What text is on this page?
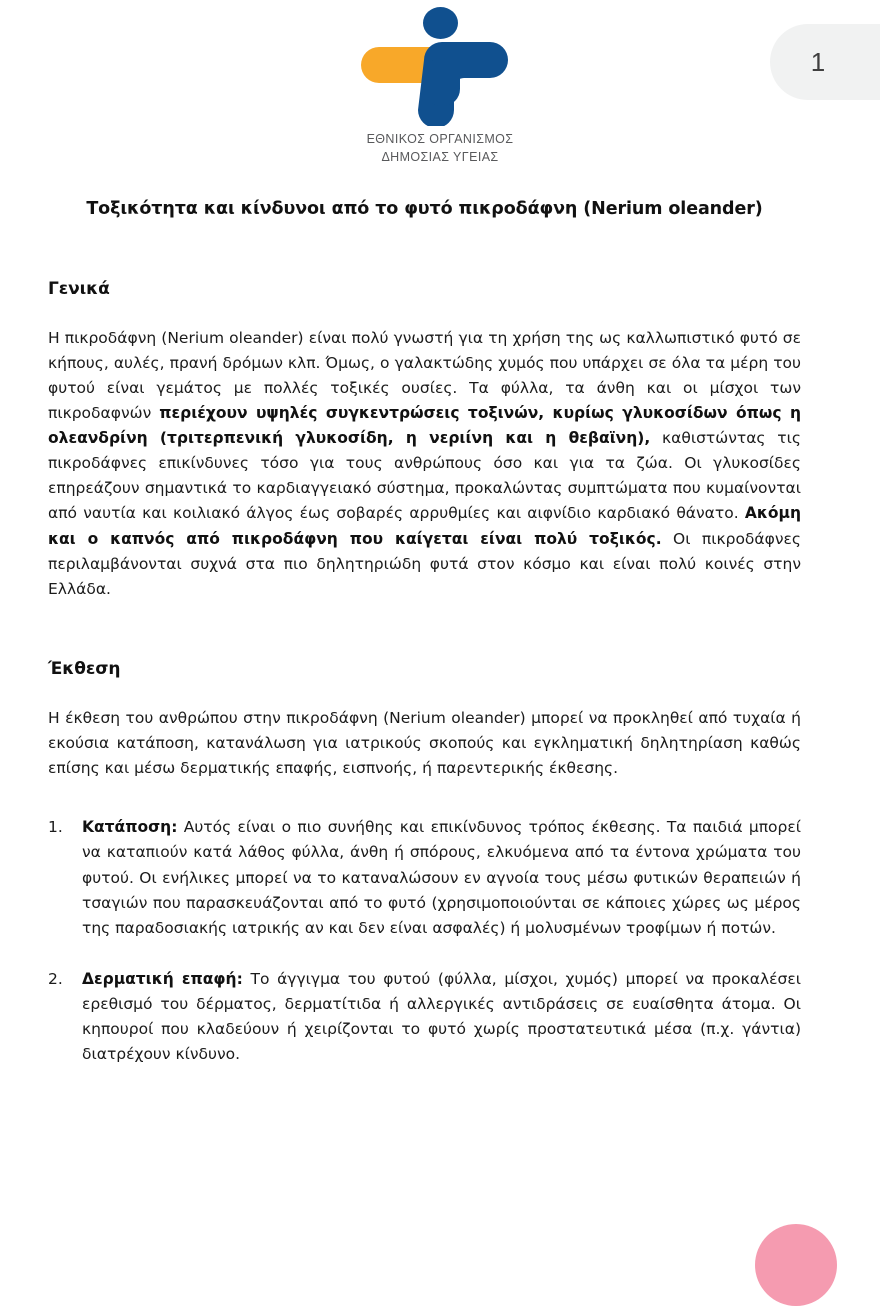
ΕΘΝΙΚΟΣ ΟΡΓΑΝΙΣΜΟΣ
ΔΗΜΟΣΙΑΣ ΥΓΕΙΑΣ
1
Τοξικότητα και κίνδυνοι από το φυτό πικροδάφνη (Nerium oleander)
Γενικά

Η πικροδάφνη (Nerium oleander) είναι πολύ γνωστή για τη χρήση της ως καλλωπιστικό φυτό σε κήπους, αυλές, πρανή δρόμων κλπ. Όμως, ο γαλακτώδης χυμός που υπάρχει σε όλα τα μέρη του φυτού είναι γεμάτος με πολλές τοξικές ουσίες. Τα φύλλα, τα άνθη και οι μίσχοι των πικροδαφνών περιέχουν υψηλές συγκεντρώσεις τοξινών, κυρίως γλυκοσίδων όπως η ολεανδρίνη (τριτερπενική γλυκοσίδη, η νεριίνη και η θεβαϊνη), καθιστώντας τις πικροδάφνες επικίνδυνες τόσο για τους ανθρώπους όσο και για τα ζώα. Οι γλυκοσίδες επηρεάζουν σημαντικά το καρδιαγγειακό σύστημα, προκαλώντας συμπτώματα που κυμαίνονται από ναυτία και κοιλιακό άλγος έως σοβαρές αρρυθμίες και αιφνίδιο καρδιακό θάνατο. Ακόμη και ο καπνός από πικροδάφνη που καίγεται είναι πολύ τοξικός. Οι πικροδάφνες περιλαμβάνονται συχνά στα πιο δηλητηριώδη φυτά στον κόσμο και είναι πολύ κοινές στην Ελλάδα.

Έκθεση

Η έκθεση του ανθρώπου στην πικροδάφνη (Nerium oleander) μπορεί να προκληθεί από τυχαία ή εκούσια κατάποση, κατανάλωση για ιατρικούς σκοπούς και εγκληματική δηλητηρίαση καθώς επίσης και μέσω δερματικής επαφής, εισπνοής, ή παρεντερικής έκθεσης.

Κατάποση: Αυτός είναι ο πιο συνήθης και επικίνδυνος τρόπος έκθεσης. Τα παιδιά μπορεί να καταπιούν κατά λάθος φύλλα, άνθη ή σπόρους, ελκυόμενα από τα έντονα χρώματα του φυτού. Οι ενήλικες μπορεί να το καταναλώσουν εν αγνοία τους μέσω φυτικών θεραπειών ή τσαγιών που παρασκευάζονται από το φυτό (χρησιμοποιούνται σε κάποιες χώρες ως μέρος της παραδοσιακής ιατρικής αν και δεν είναι ασφαλές) ή μολυσμένων τροφίμων ή ποτών.
Δερματική επαφή: Το άγγιγμα του φυτού (φύλλα, μίσχοι, χυμός) μπορεί να προκαλέσει ερεθισμό του δέρματος, δερματίτιδα ή αλλεργικές αντιδράσεις σε ευαίσθητα άτομα. Οι κηπουροί που κλαδεύουν ή χειρίζονται το φυτό χωρίς προστατευτικά μέσα (π.χ. γάντια) διατρέχουν κίνδυνο.
